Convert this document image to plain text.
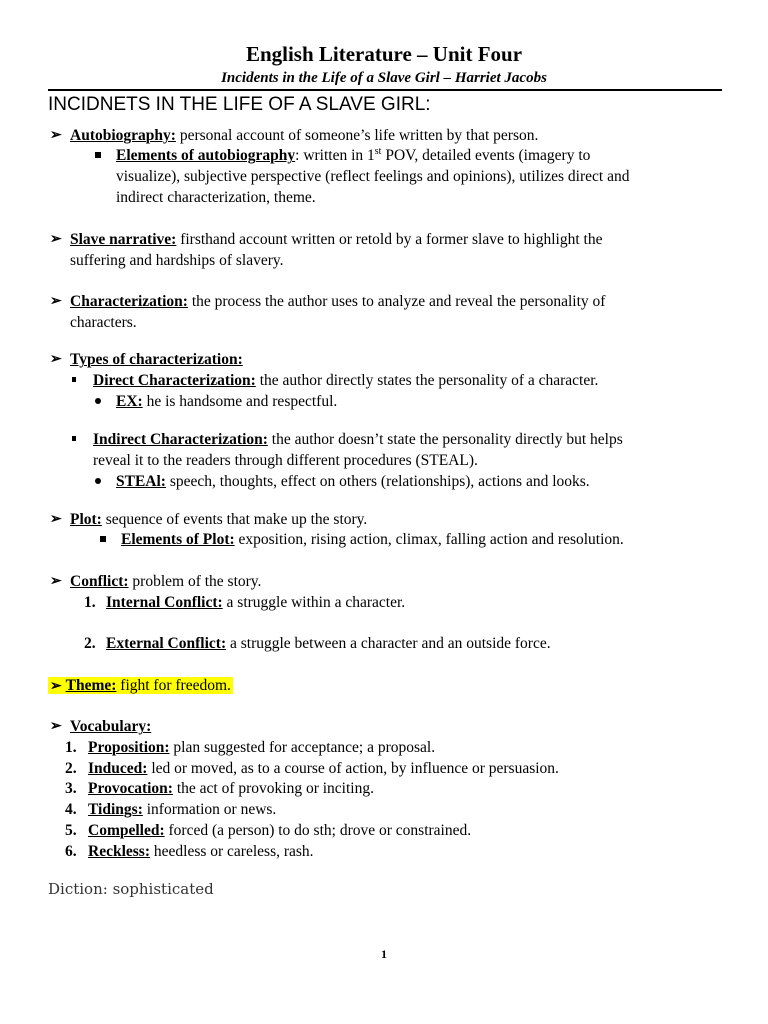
English Literature – Unit Four
Incidents in the Life of a Slave Girl – Harriet Jacobs
INCIDNETS IN THE LIFE OF A SLAVE GIRL:
➢ Autobiography: personal account of someone’s life written by that person.
Elements of autobiography: written in 1st POV, detailed events (imagery to
visualize), subjective perspective (reflect feelings and opinions), utilizes direct and
indirect characterization, theme.
➢ Slave narrative: firsthand account written or retold by a former slave to highlight the
suffering and hardships of slavery.
➢ Characterization: the process the author uses to analyze and reveal the personality of
characters.
➢ Types of characterization:
Direct Characterization: the author directly states the personality of a character.
EX: he is handsome and respectful.
Indirect Characterization: the author doesn’t state the personality directly but helps
reveal it to the readers through different procedures (STEAL).
STEAl: speech, thoughts, effect on others (relationships), actions and looks.
➢ Plot: sequence of events that make up the story.
Elements of Plot: exposition, rising action, climax, falling action and resolution.
➢ Conflict: problem of the story.
1. Internal Conflict: a struggle within a character.
2. External Conflict: a struggle between a character and an outside force.
➢ Theme: fight for freedom.
➢ Vocabulary:
1. Proposition: plan suggested for acceptance; a proposal.
2. Induced: led or moved, as to a course of action, by influence or persuasion.
3. Provocation: the act of provoking or inciting.
4. Tidings: information or news.
5. Compelled: forced (a person) to do sth; drove or constrained.
6. Reckless: heedless or careless, rash.
Diction: sophisticated
1
